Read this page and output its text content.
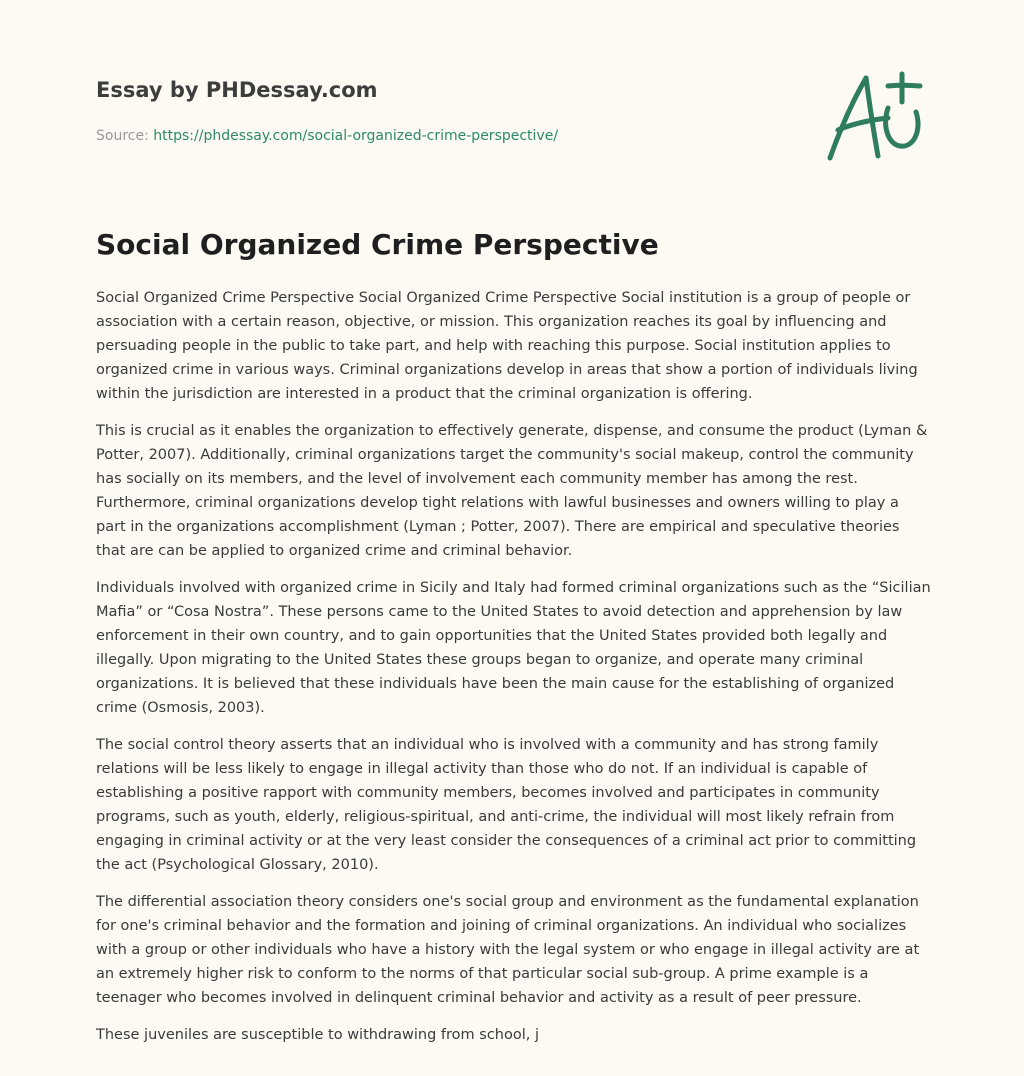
Essay by PHDessay.com
Source: https://phdessay.com/social-organized-crime-perspective/
Social Organized Crime Perspective

Social Organized Crime Perspective Social Organized Crime Perspective Social institution is a group of people or association with a certain reason, objective, or mission. This organization reaches its goal by influencing and persuading people in the public to take part, and help with reaching this purpose. Social institution applies to organized crime in various ways. Criminal organizations develop in areas that show a portion of individuals living within the jurisdiction are interested in a product that the criminal organization is offering.

This is crucial as it enables the organization to effectively generate, dispense, and consume the product (Lyman & Potter, 2007). Additionally, criminal organizations target the community's social makeup, control the community has socially on its members, and the level of involvement each community member has among the rest. Furthermore, criminal organizations develop tight relations with lawful businesses and owners willing to play a part in the organizations accomplishment (Lyman ; Potter, 2007). There are empirical and speculative theories that are can be applied to organized crime and criminal behavior.

Individuals involved with organized crime in Sicily and Italy had formed criminal organizations such as the “Sicilian Mafia” or “Cosa Nostra”. These persons came to the United States to avoid detection and apprehension by law enforcement in their own country, and to gain opportunities that the United States provided both legally and illegally. Upon migrating to the United States these groups began to organize, and operate many criminal organizations. It is believed that these individuals have been the main cause for the establishing of organized crime (Osmosis, 2003).

The social control theory asserts that an individual who is involved with a community and has strong family relations will be less likely to engage in illegal activity than those who do not. If an individual is capable of establishing a positive rapport with community members, becomes involved and participates in community programs, such as youth, elderly, religious-spiritual, and anti-crime, the individual will most likely refrain from engaging in criminal activity or at the very least consider the consequences of a criminal act prior to committing the act (Psychological Glossary, 2010).

The differential association theory considers one's social group and environment as the fundamental explanation for one's criminal behavior and the formation and joining of criminal organizations. An individual who socializes with a group or other individuals who have a history with the legal system or who engage in illegal activity are at an extremely higher risk to conform to the norms of that particular social sub-group. A prime example is a teenager who becomes involved in delinquent criminal behavior and activity as a result of peer pressure.

These juveniles are susceptible to withdrawing from school, j
